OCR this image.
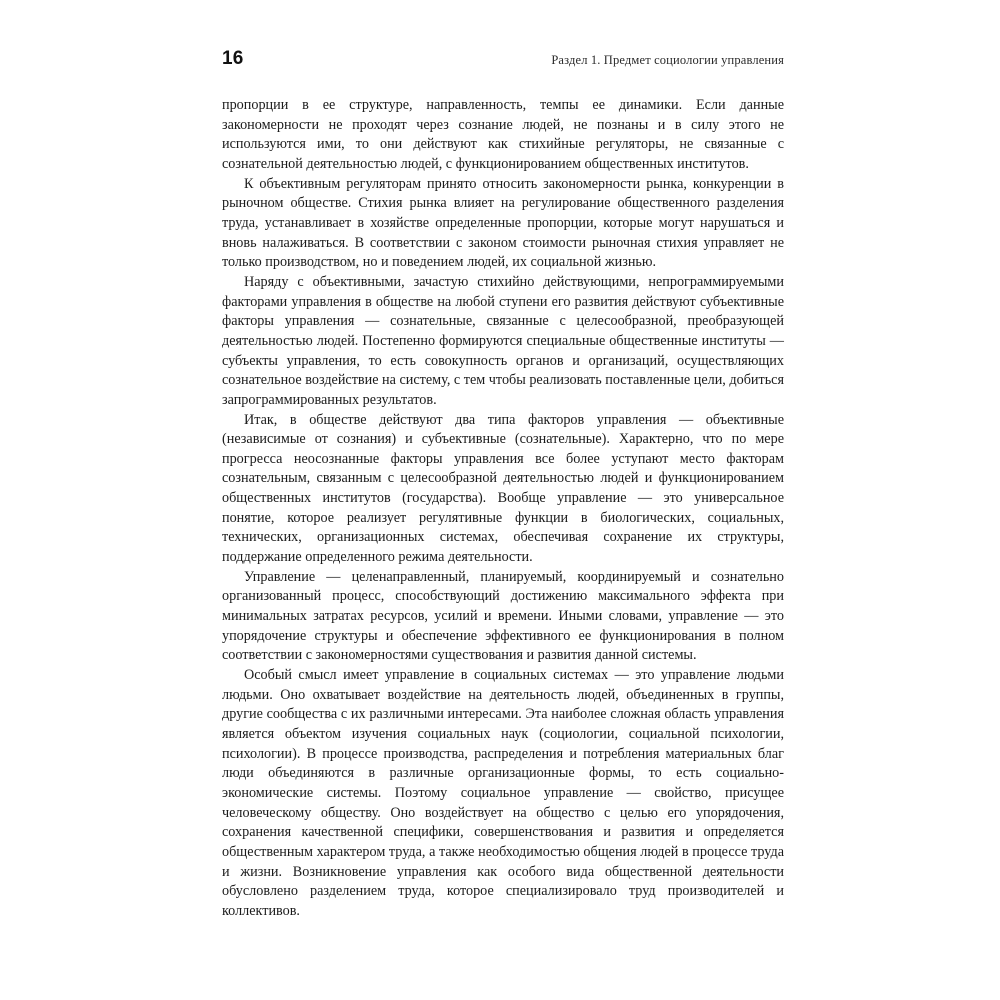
16	Раздел 1. Предмет социологии управления

пропорции в ее структуре, направленность, темпы ее динамики. Если данные закономерности не проходят через сознание людей, не познаны и в силу этого не используются ими, то они действуют как стихийные регуляторы, не связанные с сознательной деятельностью людей, с функционированием общественных институтов.

К объективным регуляторам принято относить закономерности рынка, конкуренции в рыночном обществе. Стихия рынка влияет на регулирование общественного разделения труда, устанавливает в хозяйстве определенные пропорции, которые могут нарушаться и вновь налаживаться. В соответствии с законом стоимости рыночная стихия управляет не только производством, но и поведением людей, их социальной жизнью.

Наряду с объективными, зачастую стихийно действующими, непрограммируемыми факторами управления в обществе на любой ступени его развития действуют субъективные факторы управления — сознательные, связанные с целесообразной, преобразующей деятельностью людей. Постепенно формируются специальные общественные институты — субъекты управления, то есть совокупность органов и организаций, осуществляющих сознательное воздействие на систему, с тем чтобы реализовать поставленные цели, добиться запрограммированных результатов.

Итак, в обществе действуют два типа факторов управления — объективные (независимые от сознания) и субъективные (сознательные). Характерно, что по мере прогресса неосознанные факторы управления все более уступают место факторам сознательным, связанным с целесообразной деятельностью людей и функционированием общественных институтов (государства). Вообще управление — это универсальное понятие, которое реализует регулятивные функции в биологических, социальных, технических, организационных системах, обеспечивая сохранение их структуры, поддержание определенного режима деятельности.

Управление — целенаправленный, планируемый, координируемый и сознательно организованный процесс, способствующий достижению максимального эффекта при минимальных затратах ресурсов, усилий и времени. Иными словами, управление — это упорядочение структуры и обеспечение эффективного ее функционирования в полном соответствии с закономерностями существования и развития данной системы.

Особый смысл имеет управление в социальных системах — это управление людьми людьми. Оно охватывает воздействие на деятельность людей, объединенных в группы, другие сообщества с их различными интересами. Эта наиболее сложная область управления является объектом изучения социальных наук (социологии, социальной психологии, психологии). В процессе производства, распределения и потребления материальных благ люди объединяются в различные организационные формы, то есть социально-экономические системы. Поэтому социальное управление — свойство, присущее человеческому обществу. Оно воздействует на общество с целью его упорядочения, сохранения качественной специфики, совершенствования и развития и определяется общественным характером труда, а также необходимостью общения людей в процессе труда и жизни. Возникновение управления как особого вида общественной деятельности обусловлено разделением труда, которое специализировало труд производителей и коллективов.
